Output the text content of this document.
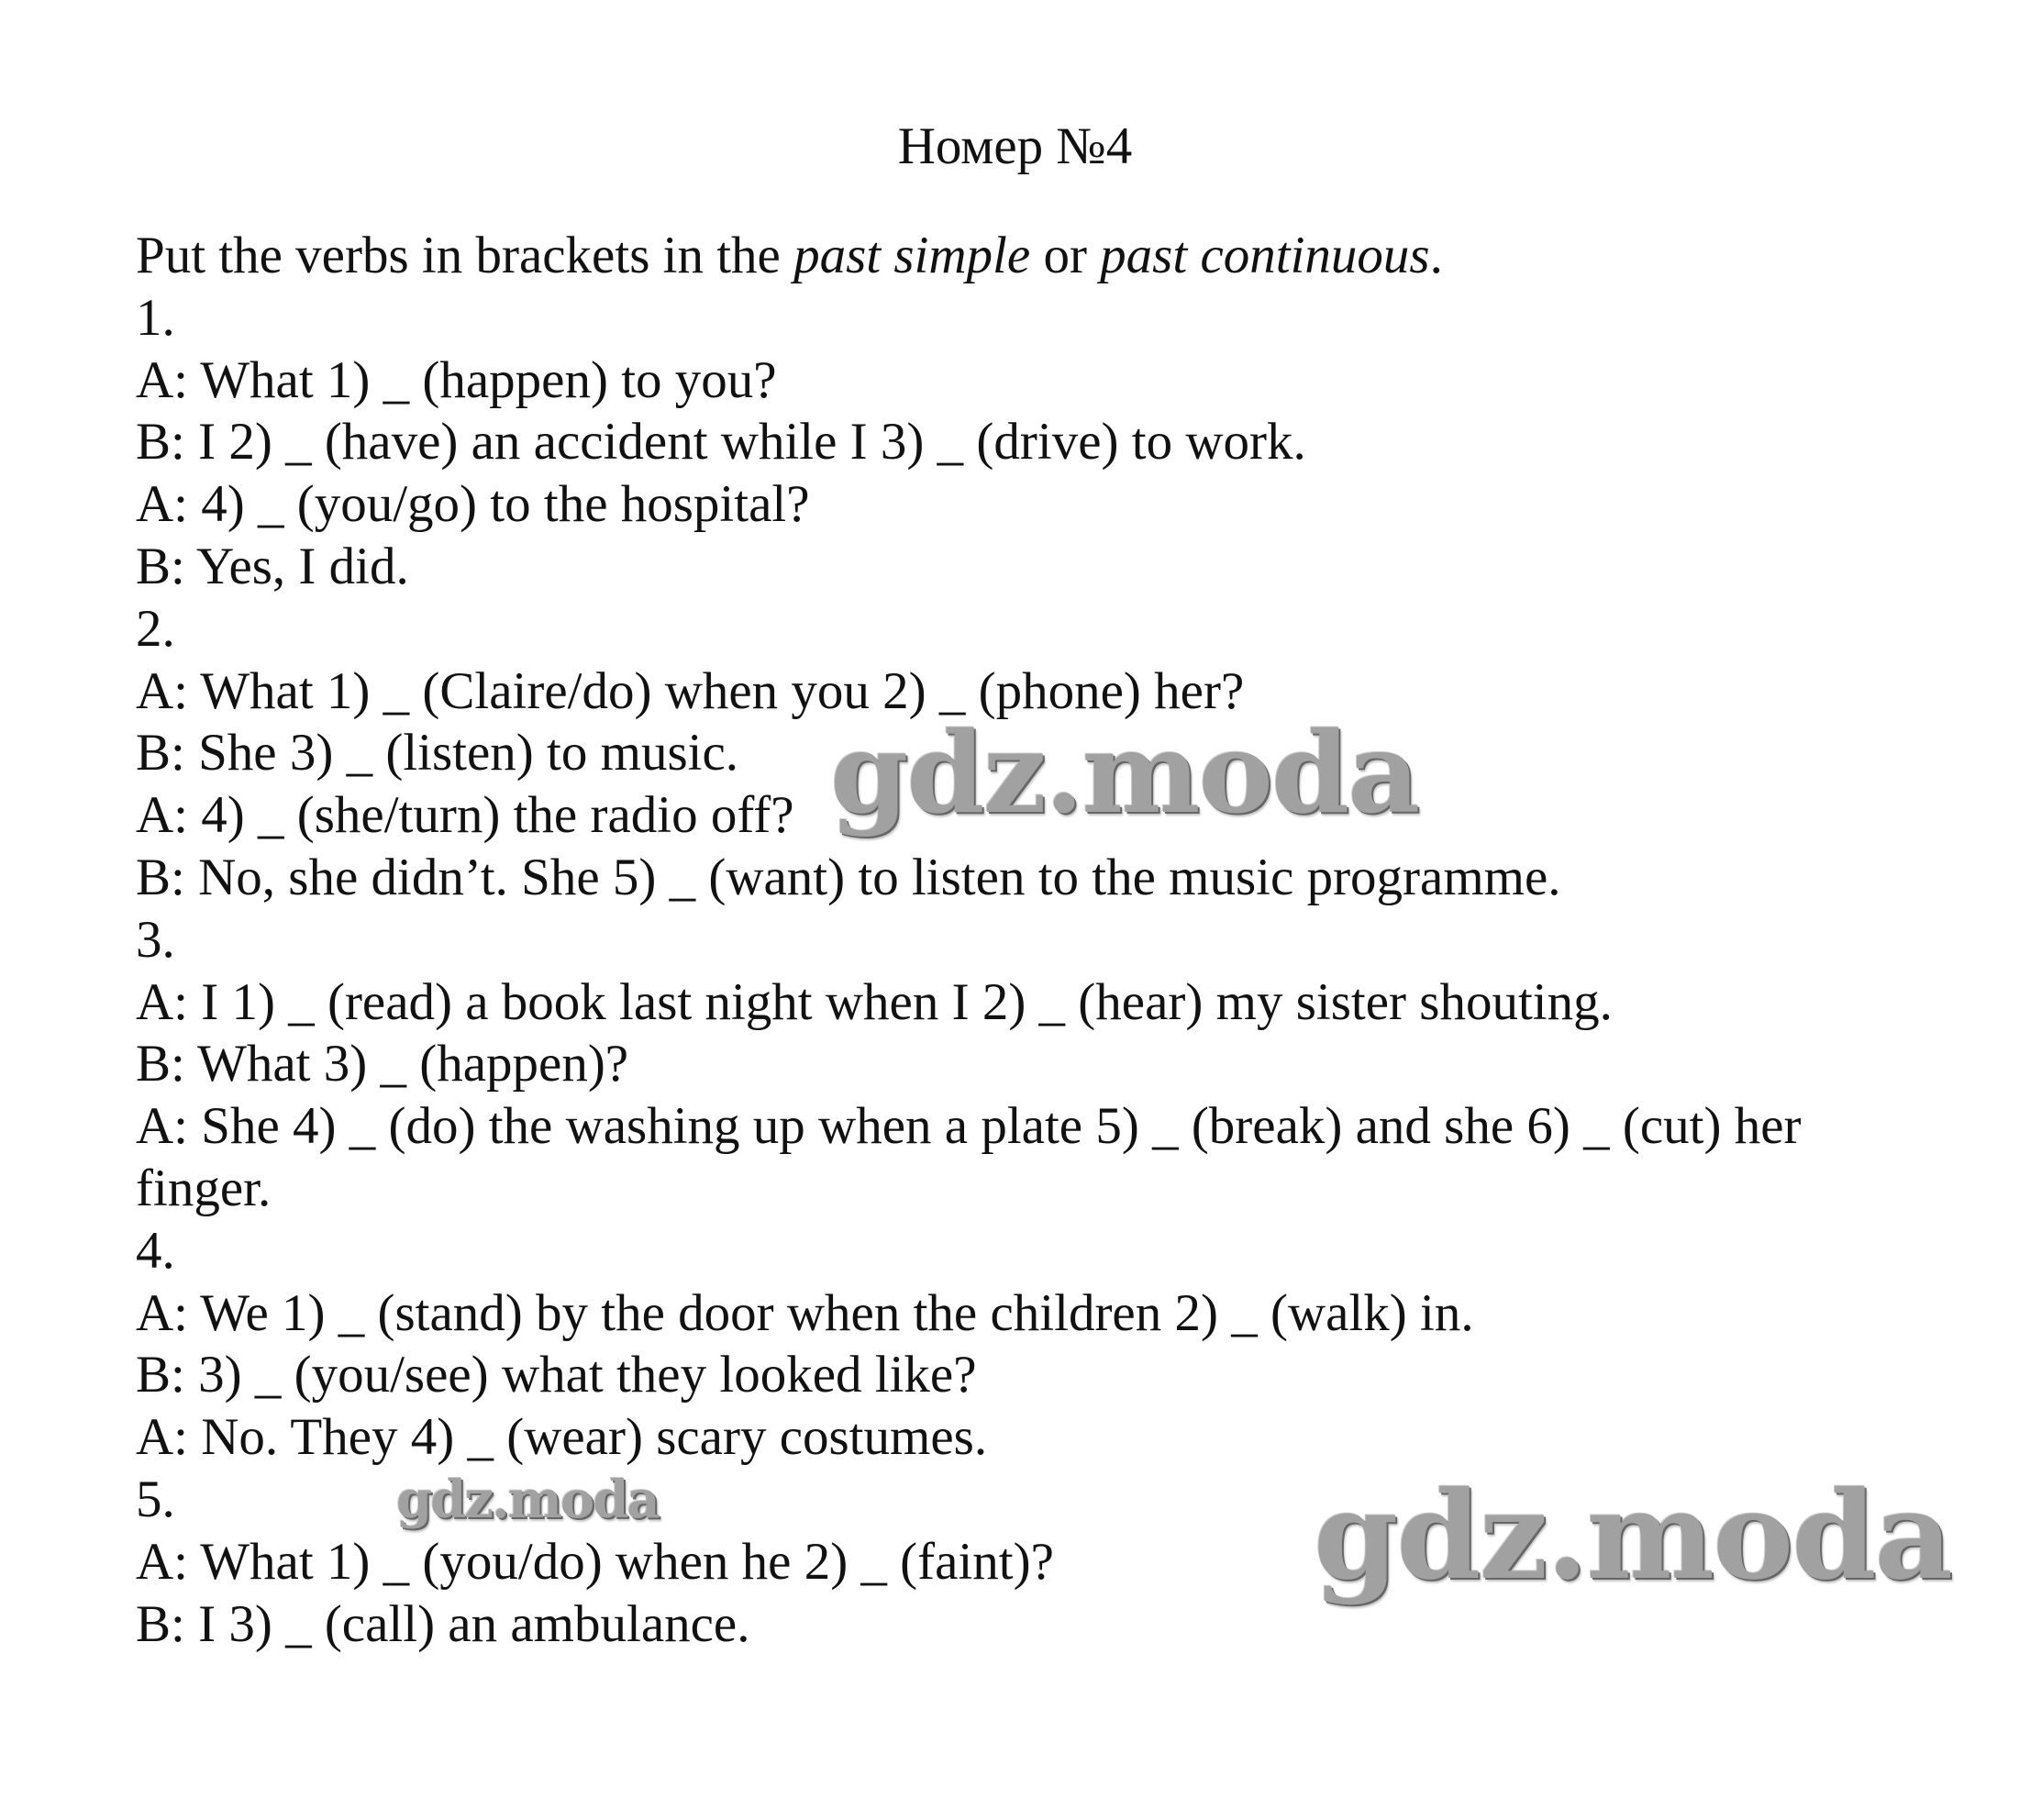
Номер №4
Put the verbs in brackets in the past simple or past continuous.
1.
A: What 1) _ (happen) to you?
B: I 2) _ (have) an accident while I 3) _ (drive) to work.
A: 4) _ (you/go) to the hospital?
B: Yes, I did.
2.
A: What 1) _ (Claire/do) when you 2) _ (phone) her?
B: She 3) _ (listen) to music.
A: 4) _ (she/turn) the radio off?
B: No, she didn’t. She 5) _ (want) to listen to the music programme.
3.
A: I 1) _ (read) a book last night when I 2) _ (hear) my sister shouting.
B: What 3) _ (happen)?
A: She 4) _ (do) the washing up when a plate 5) _ (break) and she 6) _ (cut) her finger.
4.
A: We 1) _ (stand) by the door when the children 2) _ (walk) in.
B: 3) _ (you/see) what they looked like?
A: No. They 4) _ (wear) scary costumes.
5.
A: What 1) _ (you/do) when he 2) _ (faint)?
B: I 3) _ (call) an ambulance.
gdz.moda
gdz.moda	gdz.moda
